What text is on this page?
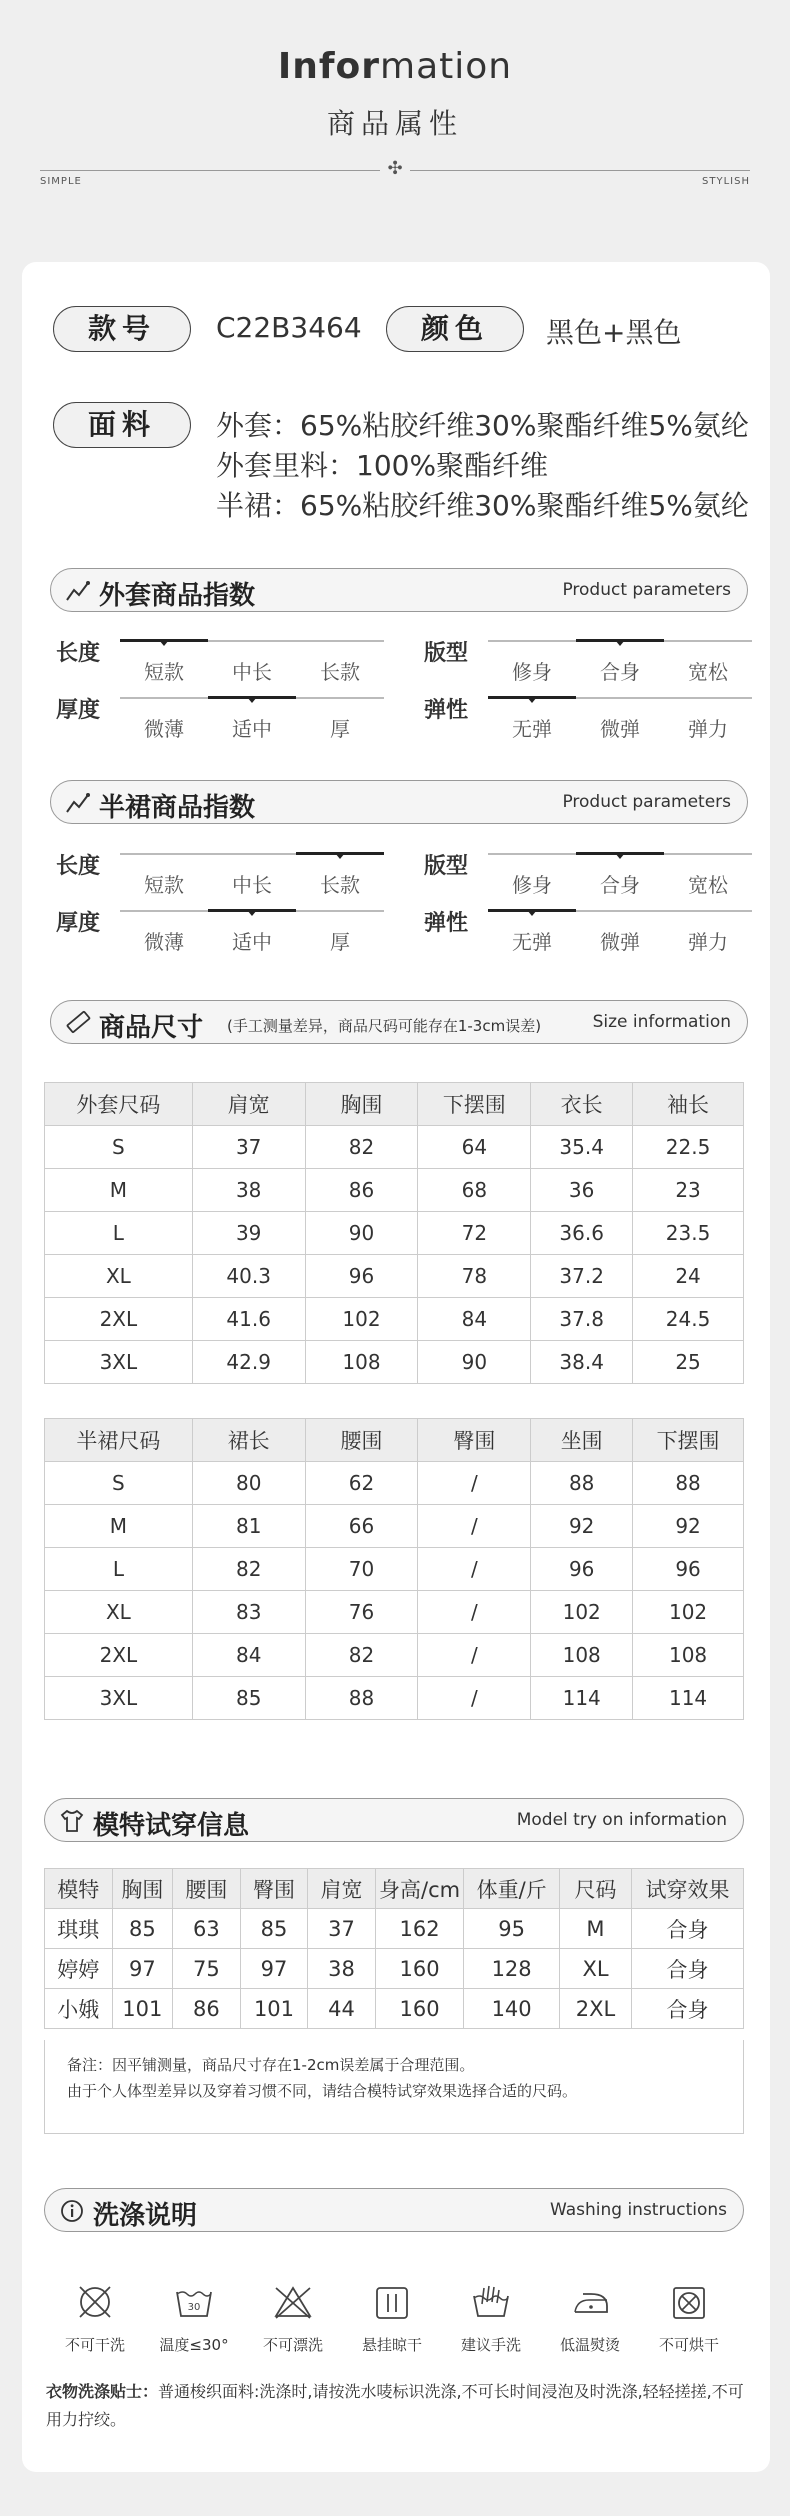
Information
商品属性
✣
SIMPLE	STYLISH
款号	C22B3464	颜色	黑色+黑色
面料	外套：65%粘胶纤维30%聚酯纤维5%氨纶
外套里料：100%聚酯纤维
半裙：65%粘胶纤维30%聚酯纤维5%氨纶
外套商品指数	Product parameters
长度
短款	中长	长款
版型
修身	合身	宽松
厚度
微薄	适中	厚
弹性
无弹	微弹	弹力
半裙商品指数	Product parameters
长度
短款	中长	长款
版型
修身	合身	宽松
厚度
微薄	适中	厚
弹性
无弹	微弹	弹力
商品尺寸 (手工测量差异，商品尺码可能存在1-3cm误差)	Size information
外套尺码	肩宽	胸围	下摆围	衣长	袖长
S	37	82	64	35.4	22.5
M	38	86	68	36	23
L	39	90	72	36.6	23.5
XL	40.3	96	78	37.2	24
2XL	41.6	102	84	37.8	24.5
3XL	42.9	108	90	38.4	25
半裙尺码	裙长	腰围	臀围	坐围	下摆围
S	80	62	/	88	88
M	81	66	/	92	92
L	82	70	/	96	96
XL	83	76	/	102	102
2XL	84	82	/	108	108
3XL	85	88	/	114	114
模特试穿信息	Model try on information
模特	胸围	腰围	臀围	肩宽	身高/cm	体重/斤	尺码	试穿效果
琪琪	85	63	85	37	162	95	M	合身
婷婷	97	75	97	38	160	128	XL	合身
小娥	101	86	101	44	160	140	2XL	合身
备注：因平铺测量，商品尺寸存在1-2cm误差属于合理范围。
由于个人体型差异以及穿着习惯不同，请结合模特试穿效果选择合适的尺码。
洗涤说明	Washing instructions
不可干洗
30
温度≤30°	不可漂洗	悬挂晾干	建议手洗	低温熨烫	不可烘干
衣物洗涤贴士：普通梭织面料:洗涤时,请按洗水唛标识洗涤,不可长时间浸泡及时洗涤,轻轻搓搓,不可用力拧绞。
